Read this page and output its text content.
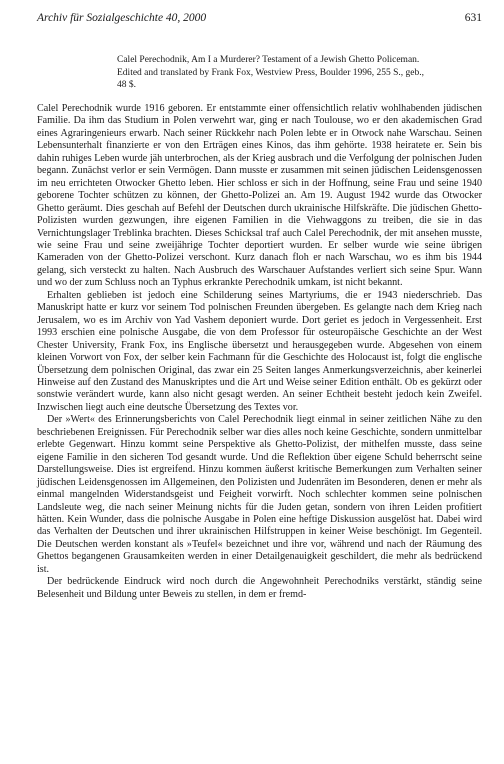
Archiv für Sozialgeschichte 40, 2000	631
Calel Perechodnik, Am I a Murderer? Testament of a Jewish Ghetto Policeman.
Edited and translated by Frank Fox, Westview Press, Boulder 1996, 255 S., geb.,
48 $.

Calel Perechodnik wurde 1916 geboren. Er entstammte einer offensichtlich relativ wohlhabenden jüdischen Familie. Da ihm das Studium in Polen verwehrt war, ging er nach Toulouse, wo er den akademischen Grad eines Agraringenieurs erwarb. Nach seiner Rückkehr nach Polen lebte er in Otwock nahe Warschau. Seinen Lebensunterhalt finanzierte er von den Erträgen eines Kinos, das ihm gehörte. 1938 heiratete er. Sein bis dahin ruhiges Leben wurde jäh unterbrochen, als der Krieg ausbrach und die Verfolgung der polnischen Juden begann. Zunächst verlor er sein Vermögen. Dann musste er zusammen mit seinen jüdischen Leidensgenossen im neu errichteten Otwocker Ghetto leben. Hier schloss er sich in der Hoffnung, seine Frau und seine 1940 geborene Tochter schützen zu können, der Ghetto-Polizei an. Am 19. August 1942 wurde das Otwocker Ghetto geräumt. Dies geschah auf Befehl der Deutschen durch ukrainische Hilfskräfte. Die jüdischen Ghetto-Polizisten wurden gezwungen, ihre eigenen Familien in die Viehwaggons zu treiben, die sie in das Vernichtungslager Treblinka brachten. Dieses Schicksal traf auch Calel Perechodnik, der mit ansehen musste, wie seine Frau und seine zweijährige Tochter deportiert wurden. Er selber wurde wie seine übrigen Kameraden von der Ghetto-Polizei verschont. Kurz danach floh er nach Warschau, wo es ihm bis 1944 gelang, sich versteckt zu halten. Nach Ausbruch des Warschauer Aufstandes verliert sich seine Spur. Wann und wo der zum Schluss noch an Typhus erkrankte Perechodnik umkam, ist nicht bekannt.

Erhalten geblieben ist jedoch eine Schilderung seines Martyriums, die er 1943 niederschrieb. Das Manuskript hatte er kurz vor seinem Tod polnischen Freunden übergeben. Es gelangte nach dem Krieg nach Jerusalem, wo es im Archiv von Yad Vashem deponiert wurde. Dort geriet es jedoch in Vergessenheit. Erst 1993 erschien eine polnische Ausgabe, die von dem Professor für osteuropäische Geschichte an der West Chester University, Frank Fox, ins Englische übersetzt und herausgegeben wurde. Abgesehen von einem kleinen Vorwort von Fox, der selber kein Fachmann für die Geschichte des Holocaust ist, folgt die englische Übersetzung dem polnischen Original, das zwar ein 25 Seiten langes Anmerkungsverzeichnis, aber keinerlei Hinweise auf den Zustand des Manuskriptes und die Art und Weise seiner Edition enthält. Ob es gekürzt oder sonstwie verändert wurde, kann also nicht gesagt werden. An seiner Echtheit besteht jedoch kein Zweifel. Inzwischen liegt auch eine deutsche Übersetzung des Textes vor.

Der »Wert« des Erinnerungsberichts von Calel Perechodnik liegt einmal in seiner zeitlichen Nähe zu den beschriebenen Ereignissen. Für Perechodnik selber war dies alles noch keine Geschichte, sondern unmittelbar erlebte Gegenwart. Hinzu kommt seine Perspektive als Ghetto-Polizist, der mithelfen musste, dass seine eigene Familie in den sicheren Tod gesandt wurde. Und die Reflektion über eigene Schuld beherrscht seine Darstellungsweise. Dies ist ergreifend. Hinzu kommen äußerst kritische Bemerkungen zum Verhalten seiner jüdischen Leidensgenossen im Allgemeinen, den Polizisten und Judenräten im Besonderen, denen er mehr als einmal mangelnden Widerstandsgeist und Feigheit vorwirft. Noch schlechter kommen seine polnischen Landsleute weg, die nach seiner Meinung nichts für die Juden getan, sondern von ihren Leiden profitiert hätten. Kein Wunder, dass die polnische Ausgabe in Polen eine heftige Diskussion ausgelöst hat. Dabei wird das Verhalten der Deutschen und ihrer ukrainischen Hilfstruppen in keiner Weise beschönigt. Im Gegenteil. Die Deutschen werden konstant als »Teufel« bezeichnet und ihre vor, während und nach der Räumung des Ghettos begangenen Grausamkeiten werden in einer Detailgenauigkeit geschildert, die mehr als bedrückend ist.

Der bedrückende Eindruck wird noch durch die Angewohnheit Perechodniks verstärkt, ständig seine Belesenheit und Bildung unter Beweis zu stellen, in dem er fremd-
